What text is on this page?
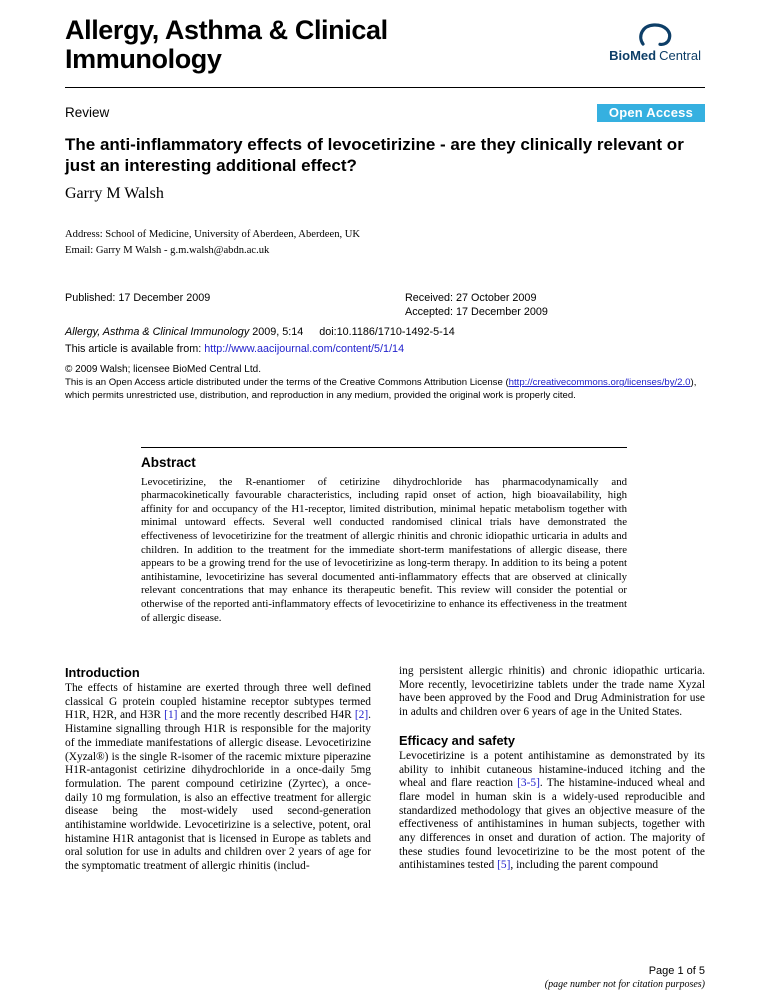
Allergy, Asthma & Clinical
Immunology	BioMed Central
Review	Open Access
The anti-inflammatory effects of levocetirizine - are they clinically relevant or just an interesting additional effect?
Garry M Walsh
Address: School of Medicine, University of Aberdeen, Aberdeen, UK
Email: Garry M Walsh - g.m.walsh@abdn.ac.uk
Published: 17 December 2009	Received: 27 October 2009
Accepted: 17 December 2009
Allergy, Asthma & Clinical Immunology 2009, 5:14 doi:10.1186/1710-1492-5-14
This article is available from: http://www.aacijournal.com/content/5/1/14
© 2009 Walsh; licensee BioMed Central Ltd.
This is an Open Access article distributed under the terms of the Creative Commons Attribution License (http://creativecommons.org/licenses/by/2.0), which permits unrestricted use, distribution, and reproduction in any medium, provided the original work is properly cited.
Abstract

Levocetirizine, the R-enantiomer of cetirizine dihydrochloride has pharmacodynamically and pharmacokinetically favourable characteristics, including rapid onset of action, high bioavailability, high affinity for and occupancy of the H1-receptor, limited distribution, minimal hepatic metabolism together with minimal untoward effects. Several well conducted randomised clinical trials have demonstrated the effectiveness of levocetirizine for the treatment of allergic rhinitis and chronic idiopathic urticaria in adults and children. In addition to the treatment for the immediate short-term manifestations of allergic disease, there appears to be a growing trend for the use of levocetirizine as long-term therapy. In addition to its being a potent antihistamine, levocetirizine has several documented anti-inflammatory effects that are observed at clinically relevant concentrations that may enhance its therapeutic benefit. This review will consider the potential or otherwise of the reported anti-inflammatory effects of levocetirizine to enhance its effectiveness in the treatment of allergic disease.

Introduction

The effects of histamine are exerted through three well defined classical G protein coupled histamine receptor subtypes termed H1R, H2R, and H3R [1] and the more recently described H4R [2]. Histamine signalling through H1R is responsible for the majority of the immediate manifestations of allergic disease. Levocetirizine (Xyzal®) is the single R-isomer of the racemic mixture piperazine H1R-antagonist cetirizine dihydrochloride in a once-daily 5mg formulation. The parent compound cetirizine (Zyrtec), a once-daily 10 mg formulation, is also an effective treatment for allergic disease being the most-widely used second-generation antihistamine worldwide. Levocetirizine is a selective, potent, oral histamine H1R antagonist that is licensed in Europe as tablets and oral solution for use in adults and children over 2 years of age for the symptomatic treatment of allergic rhinitis (includ-

ing persistent allergic rhinitis) and chronic idiopathic urticaria. More recently, levocetirizine tablets under the trade name Xyzal have been approved by the Food and Drug Administration for use in adults and children over 6 years of age in the United States.

Efficacy and safety

Levocetirizine is a potent antihistamine as demonstrated by its ability to inhibit cutaneous histamine-induced itching and the wheal and flare reaction [3-5]. The histamine-induced wheal and flare model in human skin is a widely-used reproducible and standardized methodology that gives an objective measure of the effectiveness of antihistamines in human subjects, together with any differences in onset and duration of action. The majority of these studies found levocetirizine to be the most potent of the antihistamines tested [5], including the parent compound

Page 1 of 5
(page number not for citation purposes)
